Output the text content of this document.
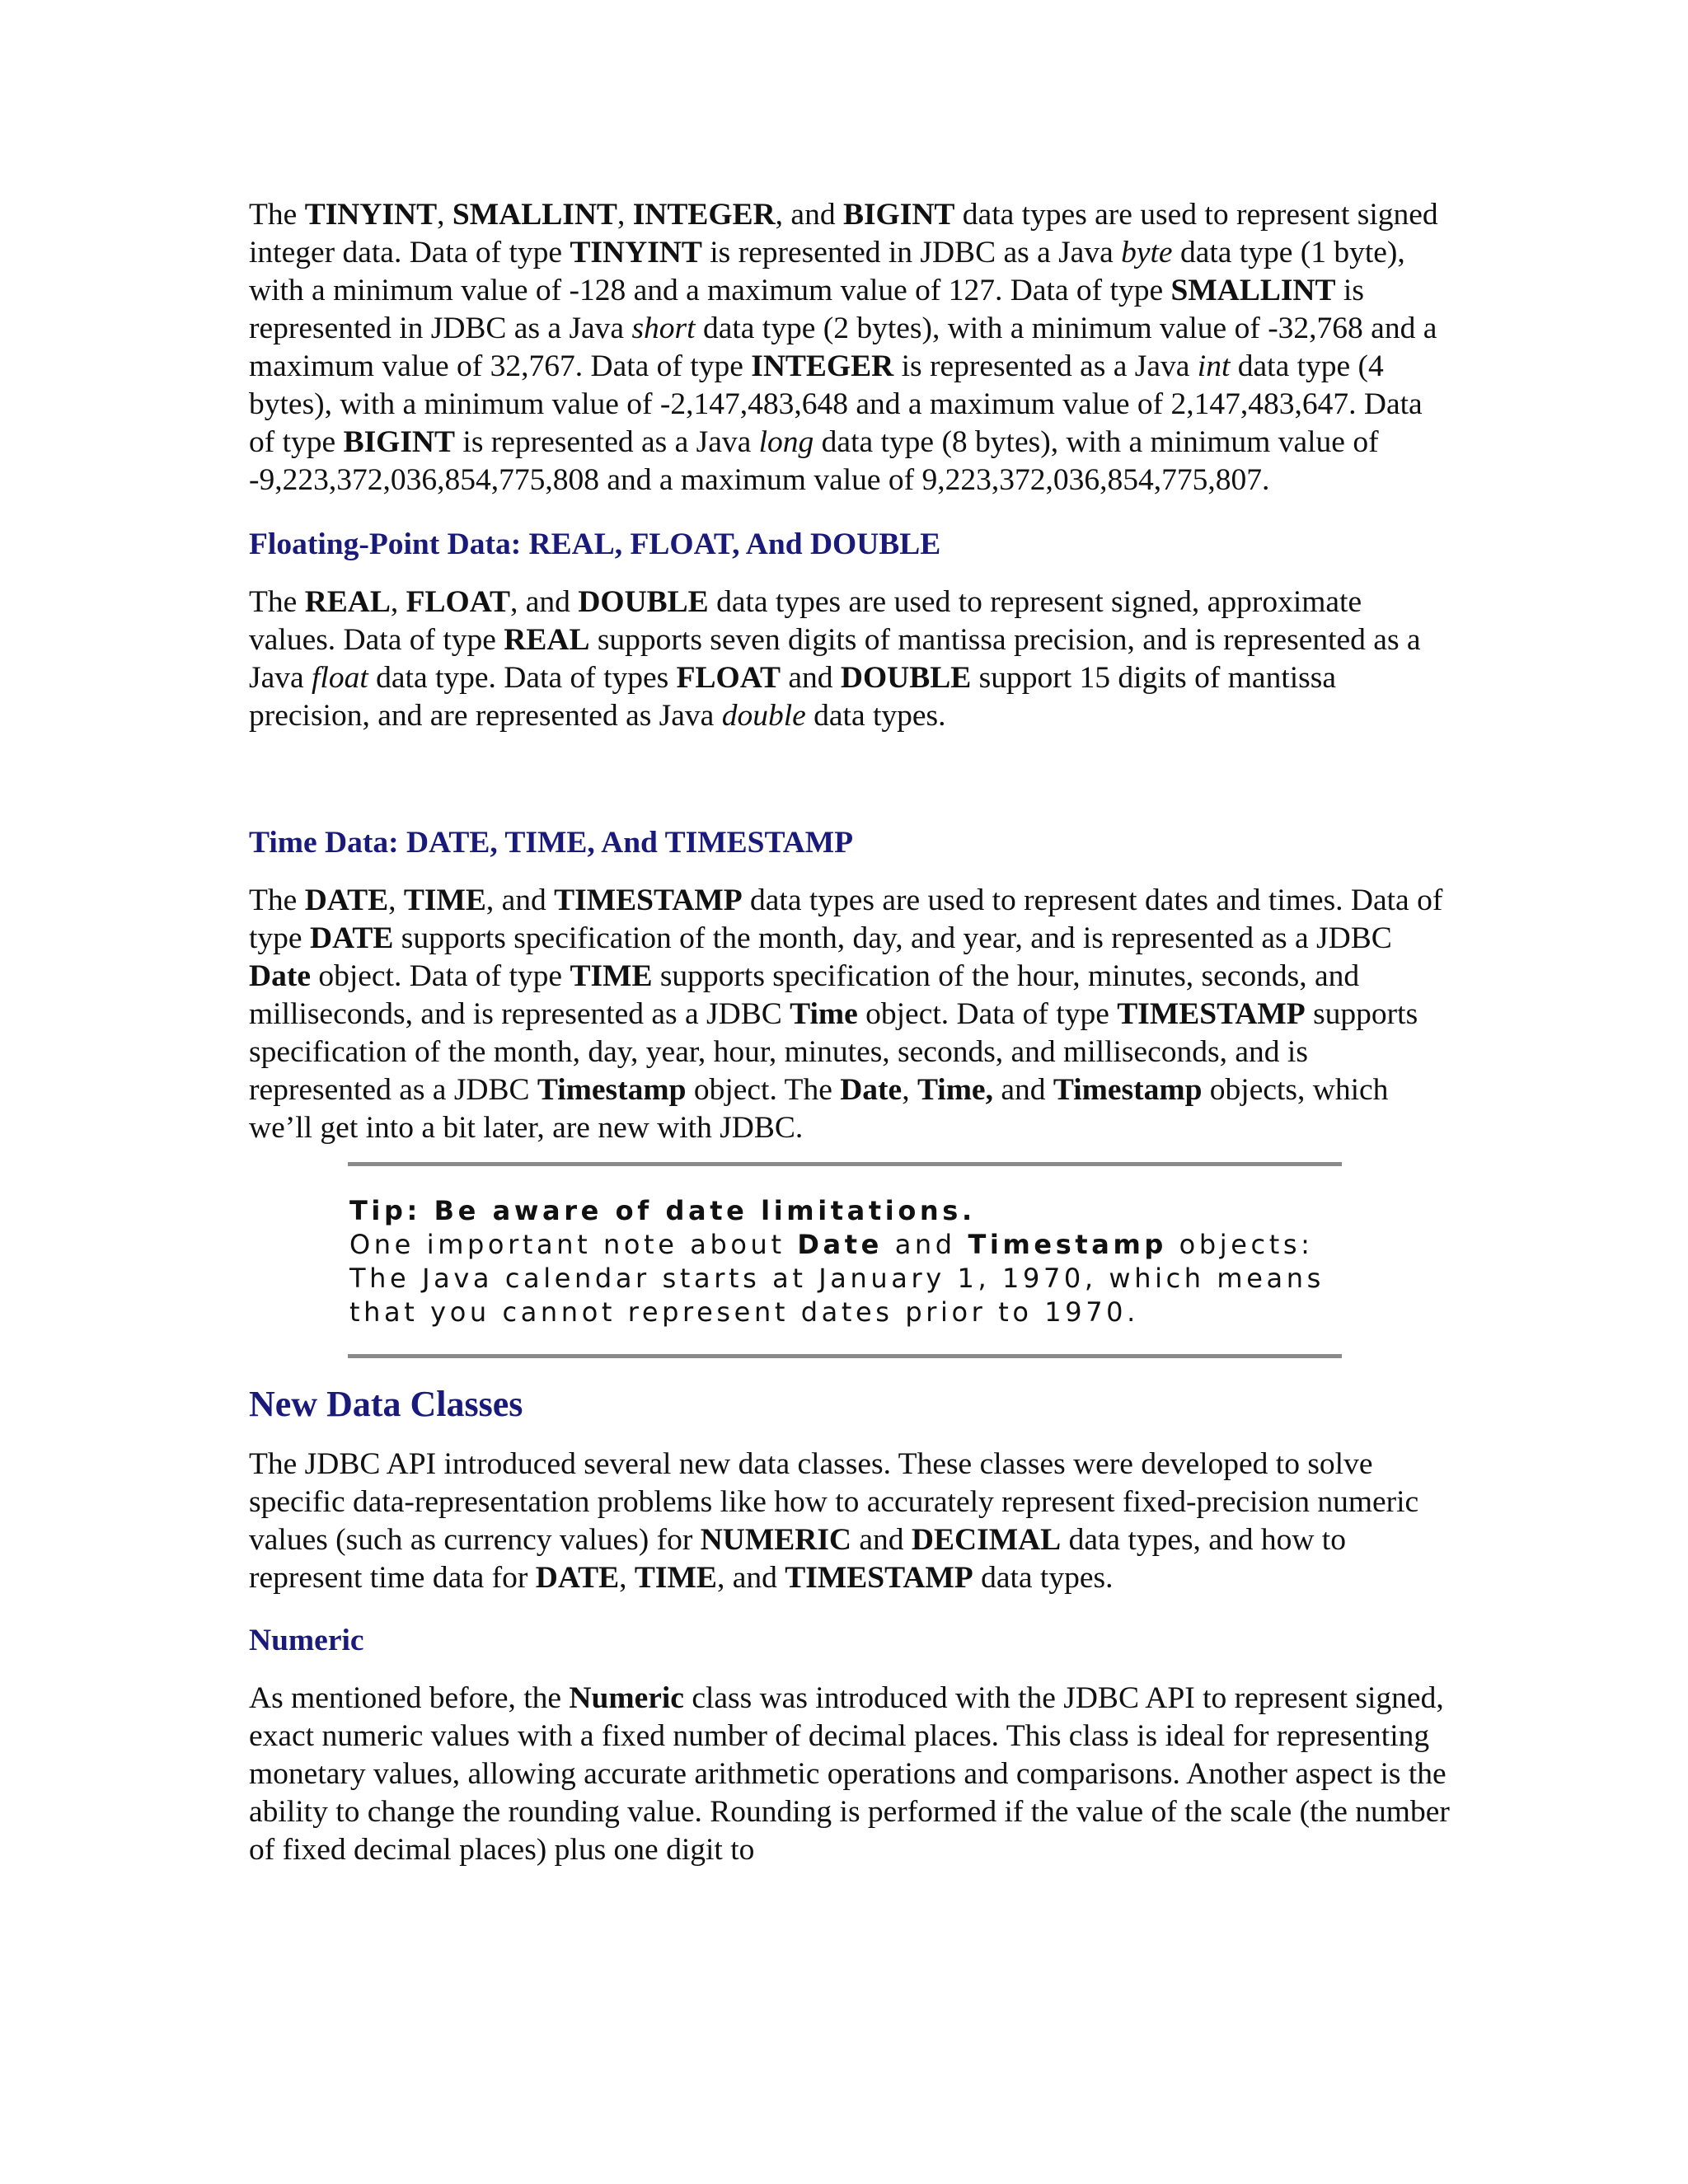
The TINYINT, SMALLINT, INTEGER, and BIGINT data types are used to represent signed integer data. Data of type TINYINT is represented in JDBC as a Java byte data type (1 byte), with a minimum value of -128 and a maximum value of 127. Data of type SMALLINT is represented in JDBC as a Java short data type (2 bytes), with a minimum value of -32,768 and a maximum value of 32,767. Data of type INTEGER is represented as a Java int data type (4 bytes), with a minimum value of -2,147,483,648 and a maximum value of 2,147,483,647. Data of type BIGINT is represented as a Java long data type (8 bytes), with a minimum value of -9,223,372,036,854,775,808 and a maximum value of 9,223,372,036,854,775,807.

Floating-Point Data: REAL, FLOAT, And DOUBLE

The REAL, FLOAT, and DOUBLE data types are used to represent signed, approximate values. Data of type REAL supports seven digits of mantissa precision, and is represented as a Java float data type. Data of types FLOAT and DOUBLE support 15 digits of mantissa precision, and are represented as Java double data types.

Time Data: DATE, TIME, And TIMESTAMP

The DATE, TIME, and TIMESTAMP data types are used to represent dates and times. Data of type DATE supports specification of the month, day, and year, and is represented as a JDBC Date object. Data of type TIME supports specification of the hour, minutes, seconds, and milliseconds, and is represented as a JDBC Time object. Data of type TIMESTAMP supports specification of the month, day, year, hour, minutes, seconds, and milliseconds, and is represented as a JDBC Timestamp object. The Date, Time, and Timestamp objects, which we’ll get into a bit later, are new with JDBC.

Tip: Be aware of date limitations.
One important note about Date and Timestamp objects:
The Java calendar starts at January 1, 1970, which means
that you cannot represent dates prior to 1970.
New Data Classes

The JDBC API introduced several new data classes. These classes were developed to solve specific data-representation problems like how to accurately represent fixed-precision numeric values (such as currency values) for NUMERIC and DECIMAL data types, and how to represent time data for DATE, TIME, and TIMESTAMP data types.

Numeric

As mentioned before, the Numeric class was introduced with the JDBC API to represent signed, exact numeric values with a fixed number of decimal places. This class is ideal for representing monetary values, allowing accurate arithmetic operations and comparisons. Another aspect is the ability to change the rounding value. Rounding is performed if the value of the scale (the number of fixed decimal places) plus one digit to
